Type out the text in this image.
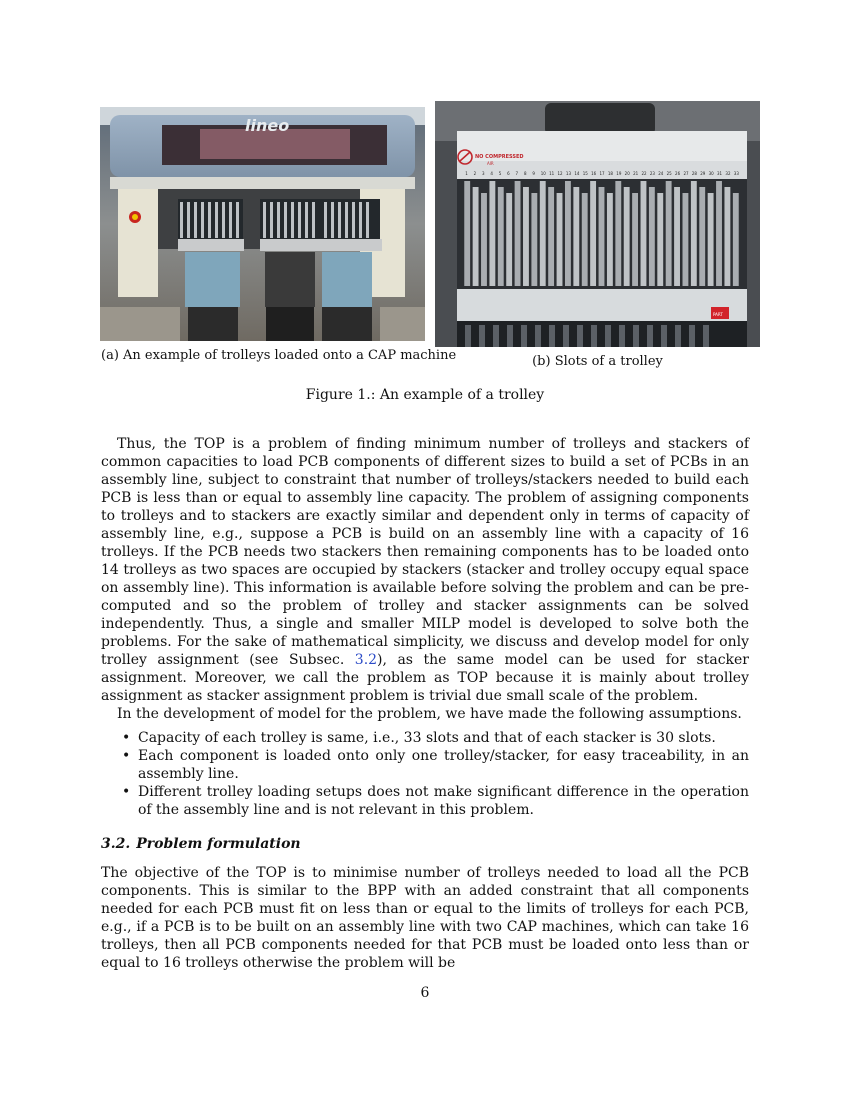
lineo
NO COMPRESSED
AIR
1 2 3 4 5 6 7 8 9 10 11 12 13 14 15 16 17 18 19 20 21 22 23 24 25 26 27 28 29 30 31 32 33
PART
(a) An example of trolleys loaded onto a CAP machine	(b) Slots of a trolley
Figure 1.: An example of a trolley

Thus, the TOP is a problem of finding minimum number of trolleys and stackers of common capacities to load PCB components of different sizes to build a set of PCBs in an assembly line, subject to constraint that number of trolleys/stackers needed to build each PCB is less than or equal to assembly line capacity. The problem of assigning components to trolleys and to stackers are exactly similar and dependent only in terms of capacity of assembly line, e.g., suppose a PCB is build on an assembly line with a capacity of 16 trolleys. If the PCB needs two stackers then remaining components has to be loaded onto 14 trolleys as two spaces are occupied by stackers (stacker and trolley occupy equal space on assembly line). This information is available before solving the problem and can be pre-computed and so the problem of trolley and stacker assignments can be solved independently. Thus, a single and smaller MILP model is developed to solve both the problems. For the sake of mathematical simplicity, we discuss and develop model for only trolley assignment (see Subsec. 3.2), as the same model can be used for stacker assignment. Moreover, we call the problem as TOP because it is mainly about trolley assignment as stacker assignment problem is trivial due small scale of the problem.

In the development of model for the problem, we have made the following assumptions.

• Capacity of each trolley is same, i.e., 33 slots and that of each stacker is 30 slots.
• Each component is loaded onto only one trolley/stacker, for easy traceability, in an assembly line.
• Different trolley loading setups does not make significant difference in the operation of the assembly line and is not relevant in this problem.
3.2. Problem formulation

The objective of the TOP is to minimise number of trolleys needed to load all the PCB components. This is similar to the BPP with an added constraint that all components needed for each PCB must fit on less than or equal to the limits of trolleys for each PCB, e.g., if a PCB is to be built on an assembly line with two CAP machines, which can take 16 trolleys, then all PCB components needed for that PCB must be loaded onto less than or equal to 16 trolleys otherwise the problem will be

6
